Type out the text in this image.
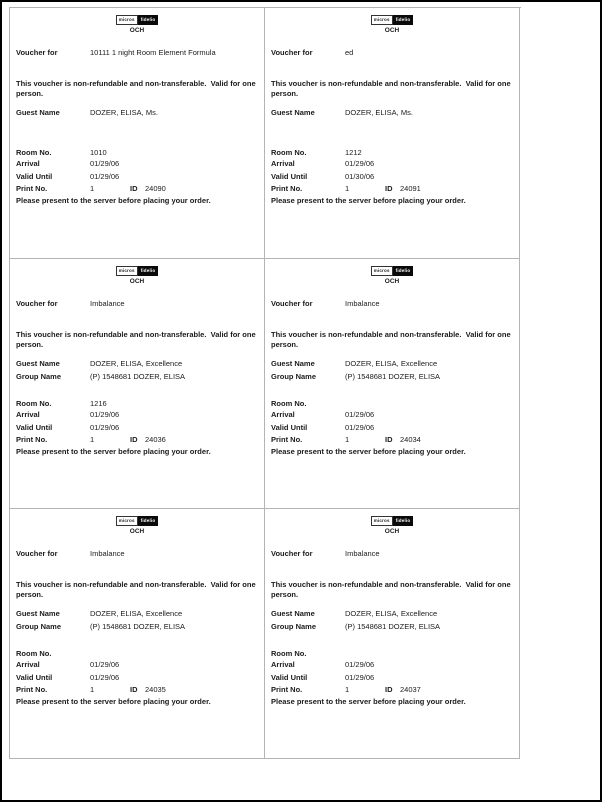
micros fidelio
OCH
Voucher for	10111 1 night Room Element Formula
This voucher is non-refundable and non-transferable.  Valid for one person.
Guest Name	DOZER, ELISA, Ms.
Room No.	1010
Arrival	01/29/06
Valid Until	01/29/06
Print No.	1	ID 24090
Please present to the server before placing your order.
micros fidelio
OCH
Voucher for	ed
This voucher is non-refundable and non-transferable.  Valid for one person.
Guest Name	DOZER, ELISA, Ms.
Room No.	1212
Arrival	01/29/06
Valid Until	01/30/06
Print No.	1	ID 24091
Please present to the server before placing your order.
micros fidelio
OCH
Voucher for	Imbalance
This voucher is non-refundable and non-transferable.  Valid for one person.
Guest Name	DOZER, ELISA, Excellence
Group Name	(P) 1548681 DOZER, ELISA
Room No.	1216
Arrival	01/29/06
Valid Until	01/29/06
Print No.	1	ID 24036
Please present to the server before placing your order.
micros fidelio
OCH
Voucher for	Imbalance
This voucher is non-refundable and non-transferable.  Valid for one person.
Guest Name	DOZER, ELISA, Excellence
Group Name	(P) 1548681 DOZER, ELISA
Room No.
Arrival	01/29/06
Valid Until	01/29/06
Print No.	1	ID 24034
Please present to the server before placing your order.
micros fidelio
OCH
Voucher for	Imbalance
This voucher is non-refundable and non-transferable.  Valid for one person.
Guest Name	DOZER, ELISA, Excellence
Group Name	(P) 1548681 DOZER, ELISA
Room No.
Arrival	01/29/06
Valid Until	01/29/06
Print No.	1	ID 24035
Please present to the server before placing your order.
micros fidelio
OCH
Voucher for	Imbalance
This voucher is non-refundable and non-transferable.  Valid for one person.
Guest Name	DOZER, ELISA, Excellence
Group Name	(P) 1548681 DOZER, ELISA
Room No.
Arrival	01/29/06
Valid Until	01/29/06
Print No.	1	ID 24037
Please present to the server before placing your order.
